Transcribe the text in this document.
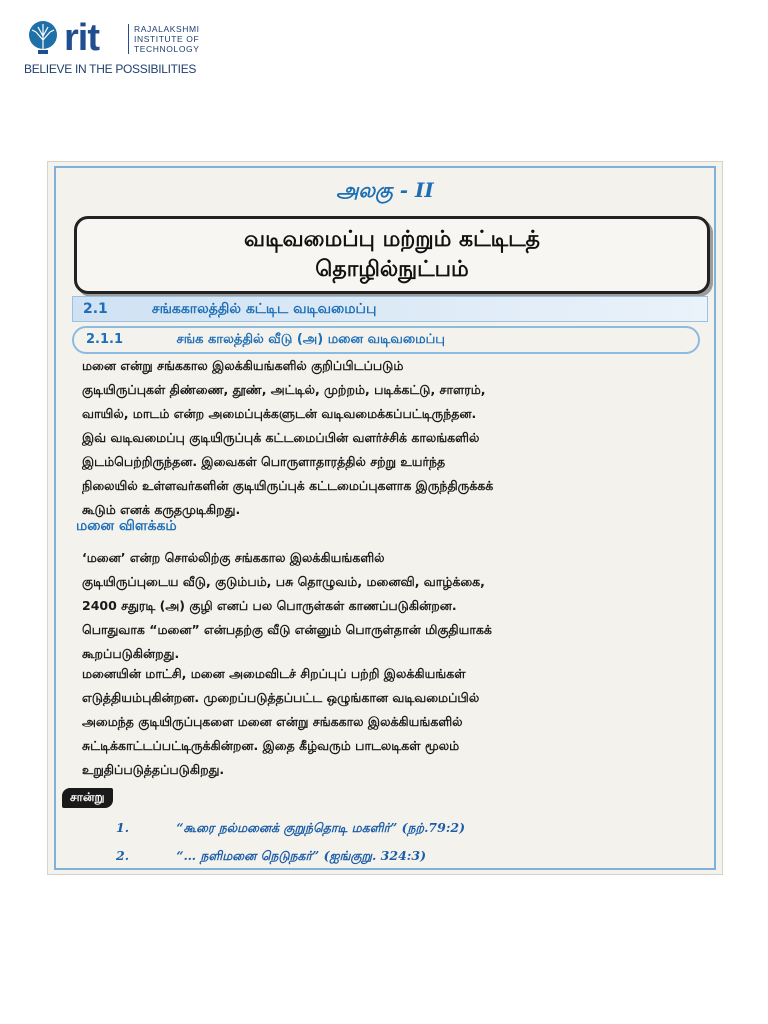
rit	RAJALAKSHMI
INSTITUTE OF
TECHNOLOGY
BELIEVE IN THE POSSIBILITIES
அலகு - II
வடிவமைப்பு மற்றும் கட்டிடத்
தொழில்நுட்பம்
2.1	சங்ககாலத்தில் கட்டிட வடிவமைப்பு
2.1.1	சங்க காலத்தில் வீடு (அ) மனை வடிவமைப்பு
மனை என்று சங்ககால இலக்கியங்களில் குறிப்பிடப்படும்
குடியிருப்புகள் திண்ணை, தூண், அட்டில், முற்றம், படிக்கட்டு, சாளரம்,
வாயில், மாடம் என்ற அமைப்புக்களுடன் வடிவமைக்கப்பட்டிருந்தன.
இவ் வடிவமைப்பு குடியிருப்புக் கட்டமைப்பின் வளர்ச்சிக் காலங்களில்
இடம்பெற்றிருந்தன. இவைகள் பொருளாதாரத்தில் சற்று உயர்ந்த
நிலையில் உள்ளவர்களின் குடியிருப்புக் கட்டமைப்புகளாக இருந்திருக்கக்
கூடும் எனக் கருதமுடிகிறது.
மனை விளக்கம்
‘மனை’ என்ற சொல்லிற்கு சங்ககால இலக்கியங்களில்
குடியிருப்புடைய வீடு, குடும்பம், பசு தொழுவம், மனைவி, வாழ்க்கை,
2400 சதுரடி (அ) குழி எனப் பல பொருள்கள் காணப்படுகின்றன.
பொதுவாக “மனை” என்பதற்கு வீடு என்னும் பொருள்தான் மிகுதியாகக்
கூறப்படுகின்றது.
மனையின் மாட்சி, மனை அமைவிடச் சிறப்புப் பற்றி இலக்கியங்கள்
எடுத்தியம்புகின்றன. முறைப்படுத்தப்பட்ட ஒழுங்கான வடிவமைப்பில்
அமைந்த குடியிருப்புகளை மனை என்று சங்ககால இலக்கியங்களில்
சுட்டிக்காட்டப்பட்டிருக்கின்றன. இதை கீழ்வரும் பாடலடிகள் மூலம்
உறுதிப்படுத்தப்படுகிறது.
சான்று
1.	“கூரை நல்மனைக் குறுந்தொடி மகளிர்” (நற்.79:2)
2.	“… நளிமனை நெடுநகர்” (ஐங்குறு. 324:3)
